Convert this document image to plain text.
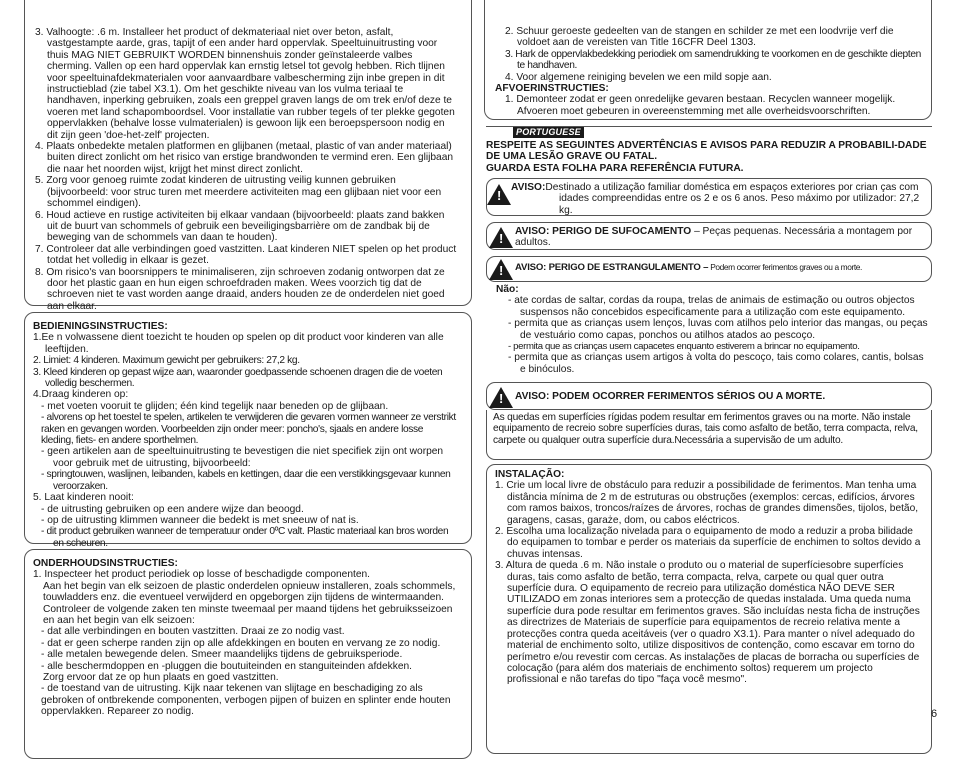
3. Valhoogte: .6 m. Installeer het product of dekmateriaal niet over beton, asfalt, vastgestampte aarde, gras, tapijt of een ander hard oppervlak. Speeltuinuitrusting voor thuis MAG NIET GEBRUIKT WORDEN binnenshuis zonder geïnstaleerde valbes cherming. Vallen op een hard oppervlak kan ernstig letsel tot gevolg hebben. Rich tlijnen voor speeltuinafdekmaterialen voor aanvaardbare valbescherming zijn inbe grepen in dit instructieblad (zie tabel X3.1). Om het geschikte niveau van los vulma teriaal te handhaven, inperking gebruiken, zoals een greppel graven langs de om trek en/of deze te voeren met land schapomboordsel. Voor installatie van rubber tegels of ter plekke gegoten oppervlakken (behalve losse vulmaterialen) is gewoon lijk een beroepspersoon nodig en dit zijn geen 'doe-het-zelf' projecten.

4. Plaats onbedekte metalen platformen en glijbanen (metaal, plastic of van ander materiaal) buiten direct zonlicht om het risico van erstige brandwonden te vermind eren. Een glijbaan die naar het noorden wijst, krijgt het minst direct zonlicht.

5. Zorg voor genoeg ruimte zodat kinderen de uitrusting veilig kunnen gebruiken (bijvoorbeeld: voor struc turen met meerdere activiteiten mag een glijbaan niet voor een schommel eindigen).

6. Houd actieve en rustige activiteiten bij elkaar vandaan (bijvoorbeeld: plaats zand bakken uit de buurt van schommels of gebruik een beveiligingsbarrière om de zandbak bij de beweging van de schommels van daan te houden).

7. Controleer dat alle verbindingen goed vastzitten. Laat kinderen NIET spelen op het product totdat het volledig in elkaar is gezet.

8. Om risico's van boorsnippers te minimaliseren, zijn schroeven zodanig ontworpen dat ze door het plastic gaan en hun eigen schroefdraden maken. Wees voorzich tig dat de schroeven niet te vast worden aange draaid, anders houden ze de onderdelen niet goed aan elkaar.

BEDIENINGSINSTRUCTIES:

1.Ee n volwassene dient toezicht te houden op spelen op dit product voor kinderen van alle leeftijden.

2. Limiet: 4 kinderen. Maximum gewicht per gebruikers: 27,2 kg.

3. Kleed kinderen op gepast wijze aan, waaronder goedpassende schoenen dragen die de voeten volledig beschermen.

4.Draag kinderen op:

- met voeten vooruit te glijden; één kind tegelijk naar beneden op de glijbaan.

- alvorens op het toestel te spelen, artikelen te verwijderen die gevaren vormen wanneer ze verstrikt raken en gevangen worden. Voorbeelden zijn onder meer: poncho's, sjaals en andere losse kleding, fiets- en andere sporthelmen.

- geen artikelen aan de speeltuinuitrusting te bevestigen die niet specifiek zijn ont worpen voor gebruik met de uitrusting, bijvoorbeeld:

- springtouwen, waslijnen, leibanden, kabels en kettingen, daar die een verstikkingsgevaar kunnen veroorzaken.

5. Laat kinderen nooit:

- de uitrusting gebruiken op een andere wijze dan beoogd.

- op de uitrusting klimmen wanneer die bedekt is met sneeuw of nat is.

- dit product gebruiken wanneer de temperatuur onder 0ºC valt. Plastic materiaal kan bros worden en scheuren.

ONDERHOUDSINSTRUCTIES:

1. Inspecteer het product periodiek op losse of beschadigde componenten.

Aan het begin van elk seizoen de plastic onderdelen opnieuw installeren, zoals schommels, touwladders enz. die eventueel verwijderd en opgeborgen zijn tijdens de wintermaanden. Controleer de volgende zaken ten minste tweemaal per maand tijdens het gebruiksseizoen en aan het begin van elk seizoen:

- dat alle verbindingen en bouten vastzitten. Draai ze zo nodig vast.

- dat er geen scherpe randen zijn op alle afdekkingen en bouten en vervang ze zo nodig.

- alle metalen bewegende delen. Smeer maandelijks tijdens de gebruiksperiode.

- alle beschermdoppen en -pluggen die boutuiteinden en stanguiteinden afdekken.

Zorg ervoor dat ze op hun plaats en goed vastzitten.

- de toestand van de uitrusting. Kijk naar tekenen van slijtage en beschadiging zo als gebroken of ontbrekende componenten, verbogen pijpen of buizen en splinter ende houten oppervlakken. Repareer zo nodig.

2. Schuur geroeste gedeelten van de stangen en schilder ze met een loodvrije verf die voldoet aan de vereisten van Title 16CFR Deel 1303.

3. Hark de oppervlakbedekking periodiek om samendrukking te voorkomen en de geschikte diepten te handhaven.

4. Voor algemene reiniging bevelen we een mild sopje aan.

AFVOERINSTRUCTIES:

1. Demonteer zodat er geen onredelijke gevaren bestaan. Recyclen wanneer mogelijk. Afvoeren moet gebeuren in overeenstemming met alle overheidsvoorschriften.

PORTUGUESE

RESPEITE AS SEGUINTES ADVERTÊNCIAS E AVISOS PARA REDUZIR A PROBABILI-DADE DE UMA LESÃO GRAVE OU FATAL.

GUARDA ESTA FOLHA PARA REFERÊNCIA FUTURA.

!

AVISO:Destinado a utilização familiar doméstica em espaços exteriores por crian ças com idades compreendidas entre os 2 e os 6 anos. Peso máximo por utilizador: 27,2 kg.

! AVISO: PERIGO DE SUFOCAMENTO – Peças pequenas. Necessária a montagem por adultos.

! AVISO: PERIGO DE ESTRANGULAMENTO – Podem ocorrer ferimentos graves ou a morte.

Não:

- ate cordas de saltar, cordas da roupa, trelas de animais de estimação ou outros objectos suspensos não concebidos especificamente para a utilização com este equipamento.

- permita que as crianças usem lenços, luvas com atilhos pelo interior das mangas, ou peças de vestuário como capas, ponchos ou atilhos atados ao pescoço.

- permita que as crianças usem capacetes enquanto estiverem a brincar no equipamento.

- permita que as crianças usem artigos à volta do pescoço, tais como colares, cantis, bolsas e binóculos.

! AVISO: PODEM OCORRER FERIMENTOS SÉRIOS OU A MORTE.

As quedas em superfícies rígidas podem resultar em ferimentos graves ou na morte. Não instale equipamento de recreio sobre superfícies duras, tais como asfalto de betão, terra compacta, relva, carpete ou qualquer outra superfície dura.Necessária a supervisão de um adulto.

INSTALAÇÃO:

1. Crie um local livre de obstáculo para reduzir a possibilidade de ferimentos. Man tenha uma distância mínima de 2 m de estruturas ou obstruções (exemplos: cercas, edifícios, árvores com ramos baixos, troncos/raízes de árvores, rochas de grandes dimensões, tijolos, betão, garagens, casas, garaże, dom, ou cabos eléctricos.

2. Escolha uma localização nivelada para o equipamento de modo a reduzir a proba bilidade do equipamen to tombar e perder os materiais da superfície de enchimen to soltos devido a chuvas intensas.

3. Altura de queda .6 m. Não instale o produto ou o material de superfíciesobre superfícies duras, tais como asfalto de betão, terra compacta, relva, carpete ou qual quer outra superfície dura. O equipamento de recreio para utilização doméstica NÃO DEVE SER UTILIZADO em zonas interiores sem a protecção de quedas instalada. Uma queda numa superfície dura pode resultar em ferimentos graves. São incluídas nesta ficha de instruções as directrizes de Materiais de superfície para equipamentos de recreio relativa mente a protecções contra queda aceitáveis (ver o quadro X3.1). Para manter o nível adequado do material de enchimento solto, utilize dispositivos de contenção, como escavar em torno do perímetro e/ou revestir com cercas. As instalações de placas de borracha ou superfícies de colocação (para além dos materiais de enchimento soltos) requerem um projecto profissional e não tarefas do tipo "faça você mesmo".

6
